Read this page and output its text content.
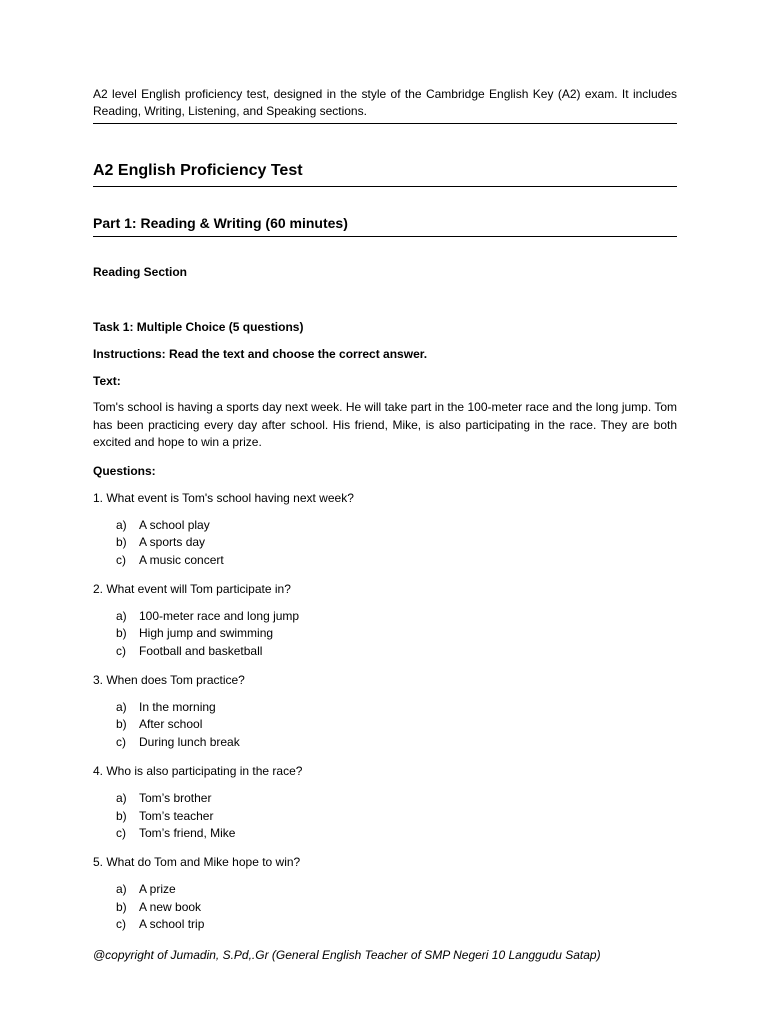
A2 level English proficiency test, designed in the style of the Cambridge English Key (A2) exam. It includes Reading, Writing, Listening, and Speaking sections.

A2 English Proficiency Test
Part 1: Reading & Writing (60 minutes)

Reading Section

Task 1: Multiple Choice (5 questions)

Instructions: Read the text and choose the correct answer.

Text:

Tom's school is having a sports day next week. He will take part in the 100-meter race and the long jump. Tom has been practicing every day after school. His friend, Mike, is also participating in the race. They are both excited and hope to win a prize.

Questions:

1. What event is Tom's school having next week?

a)	A school play
b)	A sports day
c)	A music concert

2. What event will Tom participate in?

a)	100-meter race and long jump
b)	High jump and swimming
c)	Football and basketball

3. When does Tom practice?

a)	In the morning
b)	After school
c)	During lunch break

4. Who is also participating in the race?

a)	Tom’s brother
b)	Tom’s teacher
c)	Tom’s friend, Mike

5. What do Tom and Mike hope to win?

a)	A prize
b)	A new book
c)	A school trip

@copyright of Jumadin, S.Pd,.Gr (General English Teacher of SMP Negeri 10 Langgudu Satap)
